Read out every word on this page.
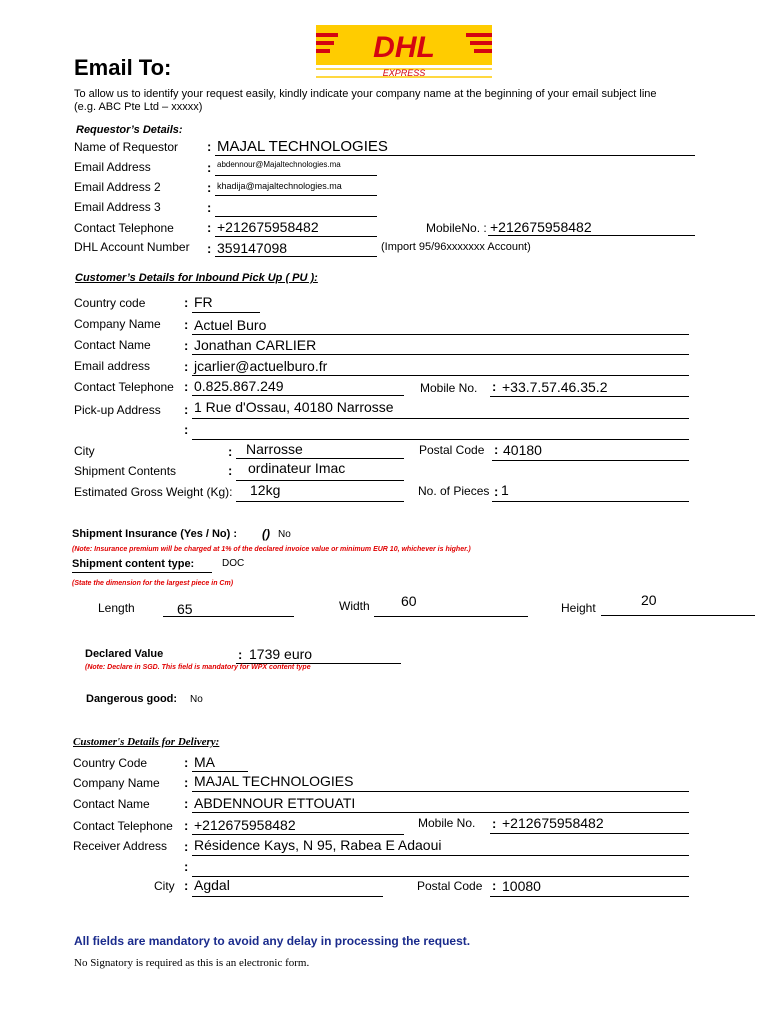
DHL
EXPRESS
Email To:
To allow us to identify your request easily, kindly indicate your company name at the beginning of your email subject line
(e.g. ABC Pte Ltd – xxxxx)
Requestor’s Details:
Name of Requestor : MAJAL TECHNOLOGIES
Email Address	: abdennour@Majaltechnologies.ma
Email Address 2	: khadija@majaltechnologies.ma
Email Address 3	:
Contact Telephone	: +212675958482	MobileNo. : +212675958482
DHL Account Number : 359147098	(Import 95/96xxxxxxx Account)
Customer’s Details for Inbound Pick Up ( PU ):
Country code	: FR
Company Name : Actuel Buro
Contact Name	: Jonathan CARLIER
Email address	: jcarlier@actuelburo.fr
Contact Telephone : 0.825.867.249	Mobile No. : +33.7.57.46.35.2
Pick-up Address : 1 Rue d'Ossau, 40180 Narrosse
:
City	: Narrosse	Postal Code : 40180
Shipment Contents	: ordinateur Imac
Estimated Gross Weight (Kg): 12kg	No. of Pieces : 1
Shipment Insurance (Yes / No) : () No
(Note: Insurance premium will be charged at 1% of the declared invoice value or minimum EUR 10, whichever is higher.)
Shipment content type:	DOC
(State the dimension for the largest piece in Cm)
Length	65	Width 60	Height	20
Declared Value	: 1739 euro
(Note: Declare in SGD. This field is mandatory for WPX content type
Dangerous good: No
Customer's Details for Delivery:
Country Code	: MA
Company Name : MAJAL TECHNOLOGIES
Contact Name	: ABDENNOUR ETTOUATI
Contact Telephone : +212675958482	Mobile No. : +212675958482
Receiver Address : Résidence Kays, N 95, Rabea E Adaoui
:
City : Agdal	Postal Code : 10080
All fields are mandatory to avoid any delay in processing the request.
No Signatory is required as this is an electronic form.
